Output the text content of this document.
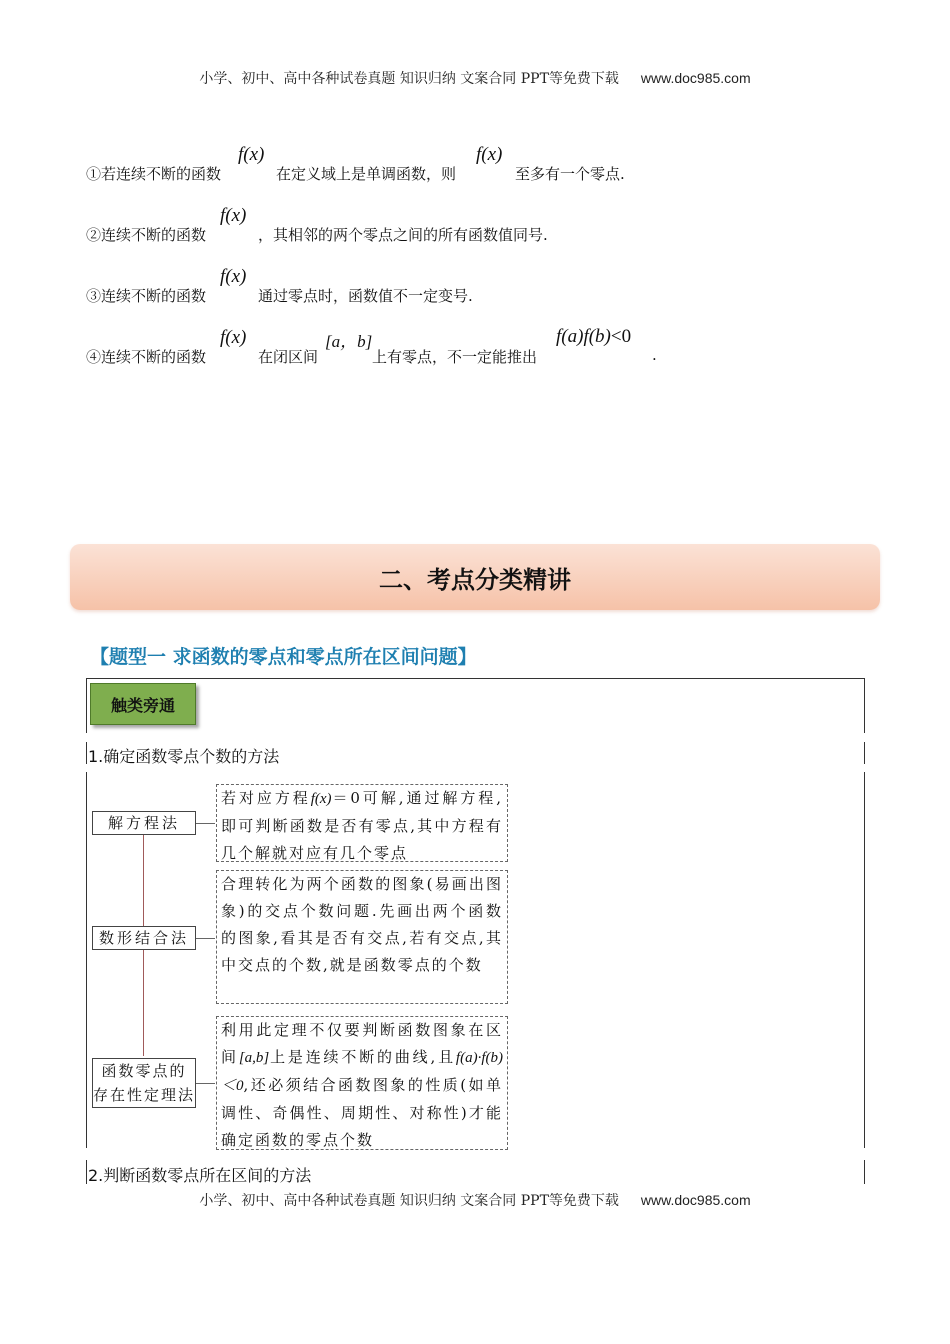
小学、初中、高中各种试卷真题 知识归纳 文案合同 PPT等免费下载 www.doc985.com
①若连续不断的函数
f(x)
在定义域上是单调函数，则
f(x)
至多有一个零点.
②连续不断的函数
f(x)
，其相邻的两个零点之间的所有函数值同号.
③连续不断的函数
f(x)
通过零点时，函数值不一定变号.
④连续不断的函数
f(x)
在闭区间
[a，b]
上有零点，不一定能推出
f(a)f(b)<0
.
二、考点分类精讲
【题型一 求函数的零点和零点所在区间问题】
触类旁通
1.确定函数零点个数的方法
解方程法
若对应方程f(x)＝0可解,通过解方程,即可判断函数是否有零点,其中方程有几个解就对应有几个零点
数形结合法
合理转化为两个函数的图象(易画出图象)的交点个数问题.先画出两个函数的图象,看其是否有交点,若有交点,其中交点的个数,就是函数零点的个数
函数零点的
存在性定理法
利用此定理不仅要判断函数图象在区间[a,b]上是连续不断的曲线,且f(a)·f(b)＜0,还必须结合函数图象的性质(如单调性、奇偶性、周期性、对称性)才能确定函数的零点个数
2.判断函数零点所在区间的方法
小学、初中、高中各种试卷真题 知识归纳 文案合同 PPT等免费下载 www.doc985.com
